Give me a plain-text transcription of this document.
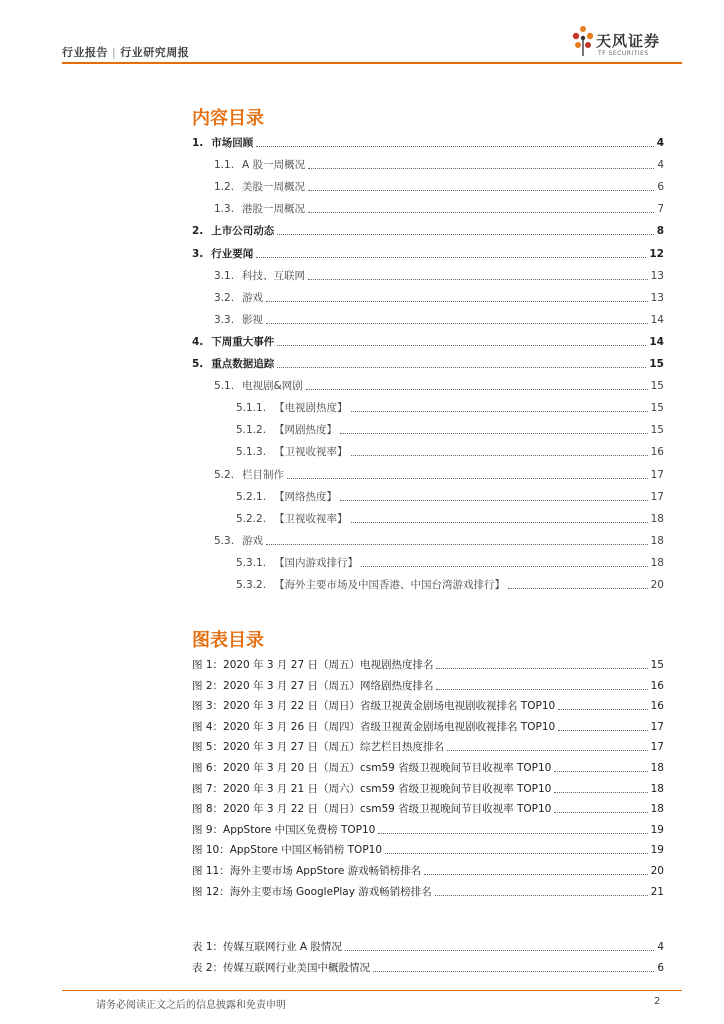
行业报告 | 行业研究周报
天风证券
TF SECURITIES
内容目录
1. 市场回顾	4
1.1. A 股一周概况	4
1.2. 美股一周概况	6
1.3. 港股一周概况	7
2. 上市公司动态	8
3. 行业要闻	12
3.1. 科技、互联网	13
3.2. 游戏	13
3.3. 影视	14
4. 下周重大事件	14
5. 重点数据追踪	15
5.1. 电视剧&网剧	15
5.1.1. 【电视剧热度】	15
5.1.2. 【网剧热度】	15
5.1.3. 【卫视收视率】	16
5.2. 栏目制作	17
5.2.1. 【网络热度】	17
5.2.2. 【卫视收视率】	18
5.3. 游戏	18
5.3.1. 【国内游戏排行】	18
5.3.2. 【海外主要市场及中国香港、中国台湾游戏排行】	20
图表目录
图 1：2020 年 3 月 27 日（周五）电视剧热度排名	15
图 2：2020 年 3 月 27 日（周五）网络剧热度排名	16
图 3：2020 年 3 月 22 日（周日）省级卫视黄金剧场电视剧收视排名 TOP10	16
图 4：2020 年 3 月 26 日（周四）省级卫视黄金剧场电视剧收视排名 TOP10	17
图 5：2020 年 3 月 27 日（周五）综艺栏目热度排名	17
图 6：2020 年 3 月 20 日（周五）csm59 省级卫视晚间节目收视率 TOP10	18
图 7：2020 年 3 月 21 日（周六）csm59 省级卫视晚间节目收视率 TOP10	18
图 8：2020 年 3 月 22 日（周日）csm59 省级卫视晚间节目收视率 TOP10	18
图 9：AppStore 中国区免费榜 TOP10	19
图 10：AppStore 中国区畅销榜 TOP10	19
图 11：海外主要市场 AppStore 游戏畅销榜排名	20
图 12：海外主要市场 GooglePlay 游戏畅销榜排名	21
表 1：传媒互联网行业 A 股情况	4
表 2：传媒互联网行业美国中概股情况	6
请务必阅读正文之后的信息披露和免责申明	2
